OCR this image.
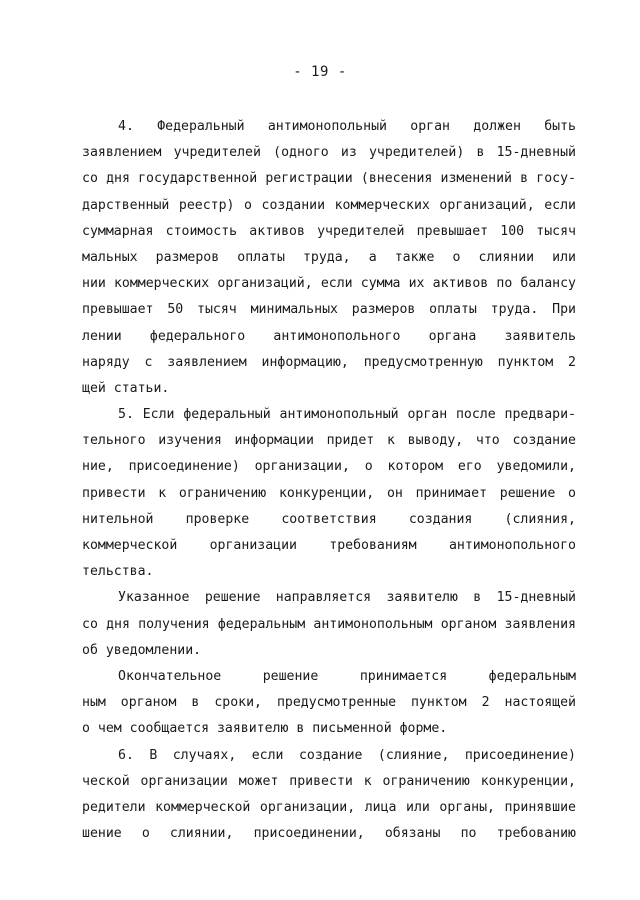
- 19 -
4. Федеральный антимонопольный орган должен быть
заявлением учредителей (одного из учредителей) в 15-дневный
со дня государственной регистрации (внесения изменений в госу-
дарственный реестр) о создании коммерческих организаций, если
суммарная стоимость активов учредителей превышает 100 тысяч
мальных размеров оплаты труда, а также о слиянии или
нии коммерческих организаций, если сумма их активов по балансу
превышает 50 тысяч минимальных размеров оплаты труда. При
лении федерального антимонопольного органа заявитель
наряду с заявлением информацию, предусмотренную пунктом 2
щей статьи.
5. Если федеральный антимонопольный орган после предвари-
тельного изучения информации придет к выводу, что создание
ние, присоединение) организации, о котором его уведомили,
привести к ограничению конкуренции, он принимает решение о
нительной проверке соответствия создания (слияния,
коммерческой организации требованиям антимонопольного
тельства.
Указанное решение направляется заявителю в 15-дневный
со дня получения федеральным антимонопольным органом заявления
об уведомлении.
Окончательное решение принимается федеральным
ным органом в сроки, предусмотренные пунктом 2 настоящей
о чем сообщается заявителю в письменной форме.
6. В случаях, если создание (слияние, присоединение)
ческой организации может привести к ограничению конкуренции,
редители коммерческой организации, лица или органы, принявшие
шение о слиянии, присоединении, обязаны по требованию
